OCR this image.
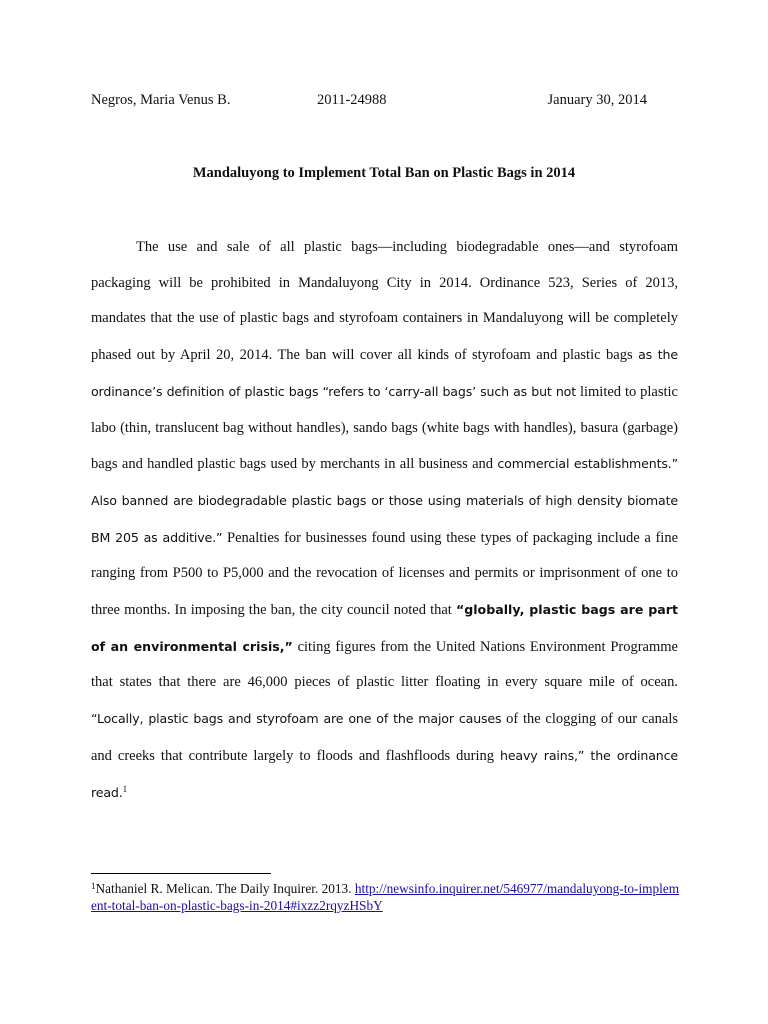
Negros, Maria Venus B.	2011-24988	January 30, 2014
Mandaluyong to Implement Total Ban on Plastic Bags in 2014

The use and sale of all plastic bags—including biodegradable ones—and styrofoam packaging will be prohibited in Mandaluyong City in 2014. Ordinance 523, Series of 2013, mandates that the use of plastic bags and styrofoam containers in Mandaluyong will be completely phased out by April 20, 2014. The ban will cover all kinds of styrofoam and plastic bags as the ordinance’s definition of plastic bags “refers to ‘carry-all bags’ such as but not limited to plastic labo (thin, translucent bag without handles), sando bags (white bags with handles), basura (garbage) bags and handled plastic bags used by merchants in all business and commercial establishments.” Also banned are biodegradable plastic bags or those using materials of high density biomate BM 205 as additive.” Penalties for businesses found using these types of packaging include a fine ranging from P500 to P5,000 and the revocation of licenses and permits or imprisonment of one to three months. In imposing the ban, the city council noted that “globally, plastic bags are part of an environmental crisis,” citing figures from the United Nations Environment Programme that states that there are 46,000 pieces of plastic litter floating in every square mile of ocean. “Locally, plastic bags and styrofoam are one of the major causes of the clogging of our canals and creeks that contribute largely to floods and flashfloods during heavy rains,” the ordinance read.$^1$

$^1$Nathaniel R. Melican. The Daily Inquirer. 2013. http://newsinfo.inquirer.net/546977/mandaluyong-to-implement-total-ban-on-plastic-bags-in-2014#ixzz2rqyzHSbY
